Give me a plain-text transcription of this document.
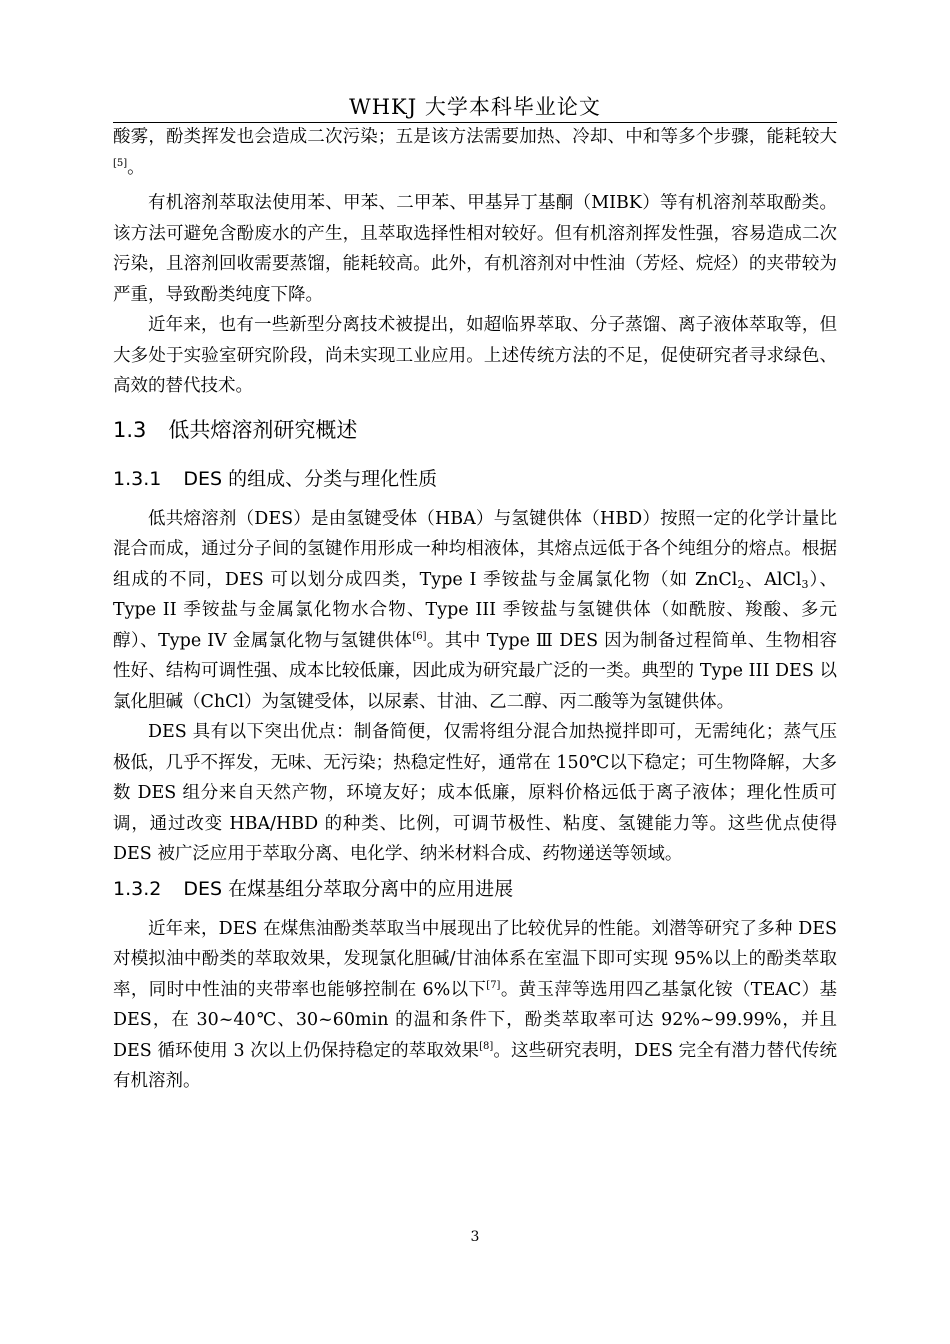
WHKJ 大学本科毕业论文

酸雾，酚类挥发也会造成二次污染；五是该方法需要加热、冷却、中和等多个步骤，能耗较大[5]。

有机溶剂萃取法使用苯、甲苯、二甲苯、甲基异丁基酮（MIBK）等有机溶剂萃取酚类。该方法可避免含酚废水的产生，且萃取选择性相对较好。但有机溶剂挥发性强，容易造成二次污染，且溶剂回收需要蒸馏，能耗较高。此外，有机溶剂对中性油（芳烃、烷烃）的夹带较为严重，导致酚类纯度下降。

近年来，也有一些新型分离技术被提出，如超临界萃取、分子蒸馏、离子液体萃取等，但大多处于实验室研究阶段，尚未实现工业应用。上述传统方法的不足，促使研究者寻求绿色、高效的替代技术。

1.3 低共熔溶剂研究概述
1.3.1 DES 的组成、分类与理化性质

低共熔溶剂（DES）是由氢键受体（HBA）与氢键供体（HBD）按照一定的化学计量比混合而成，通过分子间的氢键作用形成一种均相液体，其熔点远低于各个纯组分的熔点。根据组成的不同，DES 可以划分成四类，Type I 季铵盐与金属氯化物（如 ZnCl$_2$、AlCl$_3$）、Type II 季铵盐与金属氯化物水合物、Type III 季铵盐与氢键供体（如酰胺、羧酸、多元醇）、Type IV 金属氯化物与氢键供体[6]。其中 Type Ⅲ DES 因为制备过程简单、生物相容性好、结构可调性强、成本比较低廉，因此成为研究最广泛的一类。典型的 Type III DES 以氯化胆碱（ChCl）为氢键受体，以尿素、甘油、乙二醇、丙二酸等为氢键供体。

DES 具有以下突出优点：制备简便，仅需将组分混合加热搅拌即可，无需纯化；蒸气压极低，几乎不挥发，无味、无污染；热稳定性好，通常在 150℃以下稳定；可生物降解，大多数 DES 组分来自天然产物，环境友好；成本低廉，原料价格远低于离子液体；理化性质可调，通过改变 HBA/HBD 的种类、比例，可调节极性、粘度、氢键能力等。这些优点使得 DES 被广泛应用于萃取分离、电化学、纳米材料合成、药物递送等领域。

1.3.2 DES 在煤基组分萃取分离中的应用进展

近年来，DES 在煤焦油酚类萃取当中展现出了比较优异的性能。刘潜等研究了多种 DES 对模拟油中酚类的萃取效果，发现氯化胆碱/甘油体系在室温下即可实现 95%以上的酚类萃取率，同时中性油的夹带率也能够控制在 6%以下[7]。黄玉萍等选用四乙基氯化铵（TEAC）基 DES，在 30~40℃、30~60min 的温和条件下，酚类萃取率可达 92%~99.99%，并且 DES 循环使用 3 次以上仍保持稳定的萃取效果[8]。这些研究表明，DES 完全有潜力替代传统有机溶剂。

3
